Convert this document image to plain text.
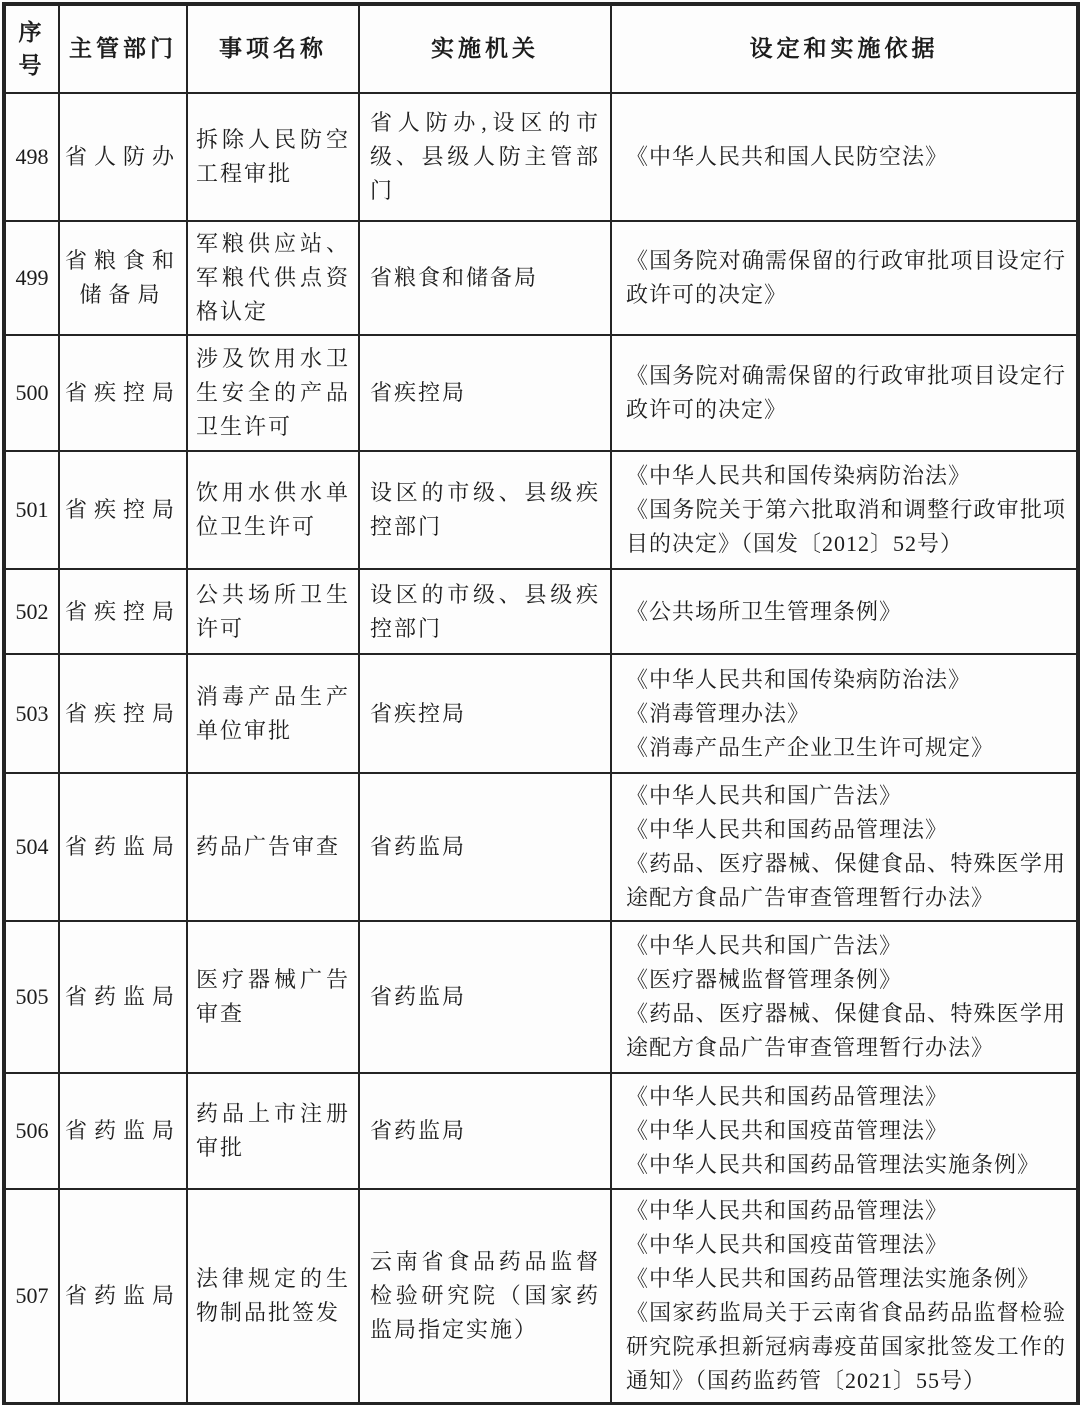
序号	主管部门	事项名称	实施机关	设定和实施依据
498	省人防办	拆除人民防空工程审批	省人防办,设区的市级、县级人防主管部门	《中华人民共和国人民防空法》

499	省粮食和储备局	军粮供应站、军粮代供点资格认定	省粮食和储备局	《国务院对确需保留的行政审批项目设定行政许可的决定》

500	省疾控局	涉及饮用水卫生安全的产品卫生许可	省疾控局	《国务院对确需保留的行政审批项目设定行政许可的决定》

501	省疾控局	饮用水供水单位卫生许可	设区的市级、县级疾控部门	《中华人民共和国传染病防治法》
《国务院关于第六批取消和调整行政审批项目的决定》（国发〔2012〕52号）

502	省疾控局	公共场所卫生许可	设区的市级、县级疾控部门	《公共场所卫生管理条例》

503	省疾控局	消毒产品生产单位审批	省疾控局	《中华人民共和国传染病防治法》
《消毒管理办法》
《消毒产品生产企业卫生许可规定》

504	省药监局	药品广告审查	省药监局	《中华人民共和国广告法》
《中华人民共和国药品管理法》
《药品、医疗器械、保健食品、特殊医学用途配方食品广告审查管理暂行办法》

505	省药监局	医疗器械广告审查	省药监局	《中华人民共和国广告法》
《医疗器械监督管理条例》
《药品、医疗器械、保健食品、特殊医学用途配方食品广告审查管理暂行办法》

506	省药监局	药品上市注册审批	省药监局	《中华人民共和国药品管理法》
《中华人民共和国疫苗管理法》
《中华人民共和国药品管理法实施条例》

507	省药监局	法律规定的生物制品批签发	云南省食品药品监督检验研究院（国家药监局指定实施）	《中华人民共和国药品管理法》
《中华人民共和国疫苗管理法》
《中华人民共和国药品管理法实施条例》
《国家药监局关于云南省食品药品监督检验研究院承担新冠病毒疫苗国家批签发工作的通知》（国药监药管〔2021〕55号）
